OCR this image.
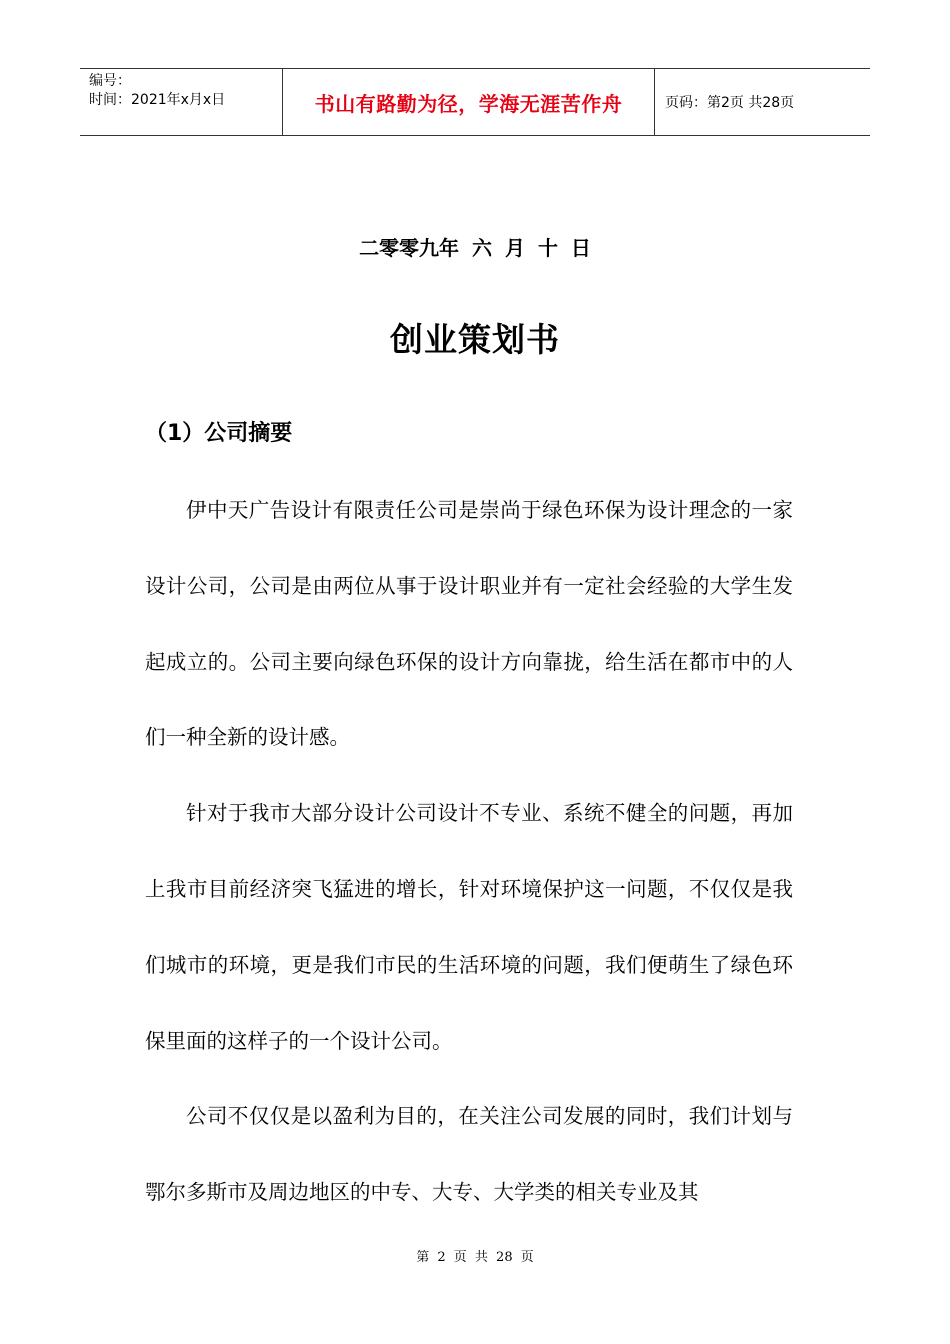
编号：
时间：2021年x月x日	书山有路勤为径，学海无涯苦作舟	页码：第2页 共28页
二零零九年 六 月 十 日
创业策划书
（1）公司摘要

伊中天广告设计有限责任公司是崇尚于绿色环保为设计理念的一家设计公司，公司是由两位从事于设计职业并有一定社会经验的大学生发起成立的。公司主要向绿色环保的设计方向靠拢，给生活在都市中的人们一种全新的设计感。

针对于我市大部分设计公司设计不专业、系统不健全的问题，再加上我市目前经济突飞猛进的增长，针对环境保护这一问题，不仅仅是我们城市的环境，更是我们市民的生活环境的问题，我们便萌生了绿色环保里面的这样子的一个设计公司。

公司不仅仅是以盈利为目的，在关注公司发展的同时，我们计划与鄂尔多斯市及周边地区的中专、大专、大学类的相关专业及其

第 2 页 共 28 页
